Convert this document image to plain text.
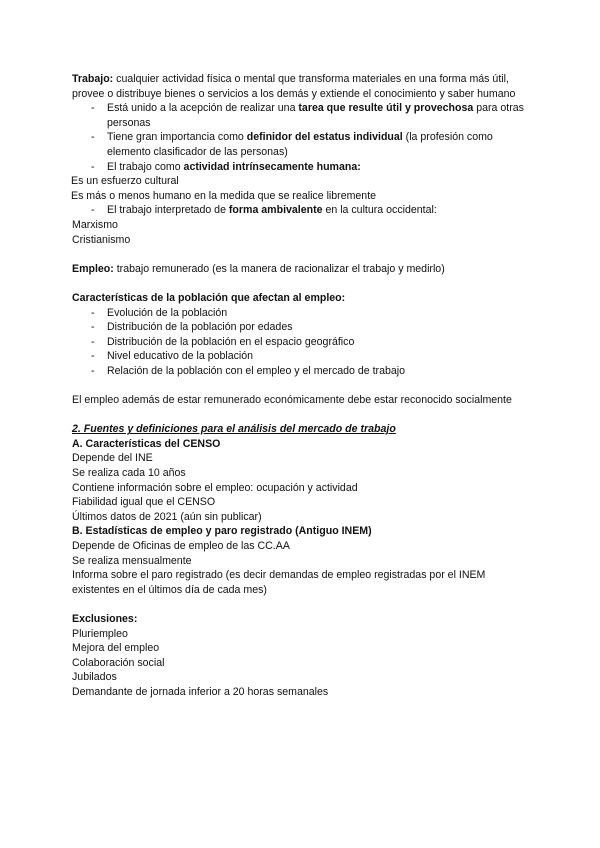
Trabajo: cualquier actividad física o mental que transforma materiales en una forma más útil, provee o distribuye bienes o servicios a los demás y extiende el conocimiento y saber humano

- Está unido a la acepción de realizar una tarea que resulte útil y provechosa para otras personas
- Tiene gran importancia como definidor del estatus individual (la profesión como elemento clasificador de las personas)
- El trabajo como actividad intrínsecamente humana:

Es un esfuerzo cultural

Es más o menos humano en la medida que se realice libremente

- El trabajo interpretado de forma ambivalente en la cultura occidental:

Marxismo

Cristianismo

Empleo: trabajo remunerado (es la manera de racionalizar el trabajo y medirlo)

Características de la población que afectan al empleo:

- Evolución de la población
- Distribución de la población por edades
- Distribución de la población en el espacio geográfico
- Nivel educativo de la población
- Relación de la población con el empleo y el mercado de trabajo

El empleo además de estar remunerado económicamente debe estar reconocido socialmente

2. Fuentes y definiciones para el análisis del mercado de trabajo

A. Características del CENSO

Depende del INE

Se realiza cada 10 años

Contiene información sobre el empleo: ocupación y actividad

Fiabilidad igual que el CENSO

Últimos datos de 2021 (aún sin publicar)

B. Estadísticas de empleo y paro registrado (Antiguo INEM)

Depende de Oficinas de empleo de las CC.AA

Se realiza mensualmente

Informa sobre el paro registrado (es decir demandas de empleo registradas por el INEM existentes en el últimos día de cada mes)

Exclusiones:

Pluriempleo

Mejora del empleo

Colaboración social

Jubilados

Demandante de jornada inferior a 20 horas semanales
